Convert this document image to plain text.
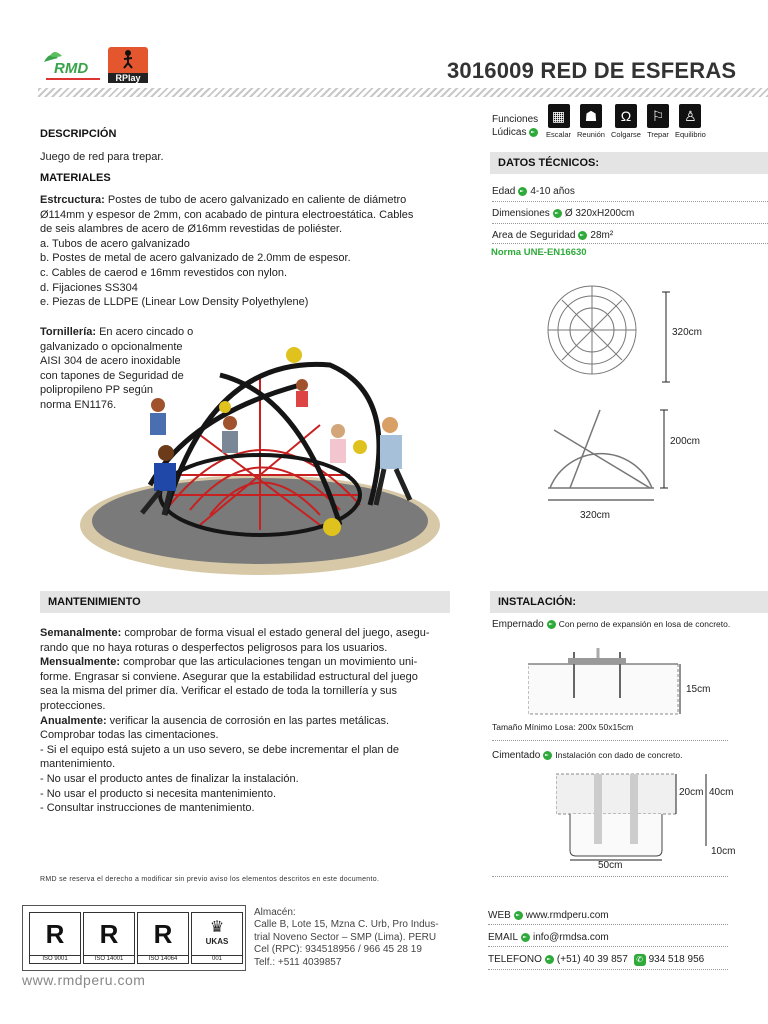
RMD
RPlay	3016009 RED DE ESFERAS
Funciones
Lúdicas
▦
Escalar
☗
Reunión
Ω
Colgarse
⚐
Trepar
♙
Equilibrio
DESCRIPCIÓN
Juego de red para trepar.
MATERIALES
Estrcuctura: Postes de tubo de acero galvanizado en caliente de diámetro
Ø114mm y espesor de 2mm, con acabado de pintura electroestática. Cables
de seis alambres de acero de Ø16mm revestidas de poliéster.
a. Tubos de acero galvanizado
b. Postes de metal de acero galvanizado de 2.0mm de espesor.
c. Cables de caerod e 16mm revestidos con nylon.
d. Fijaciones SS304
e. Piezas de LLDPE (Linear Low Density Polyethylene)
Tornillería: En acero cincado o
galvanizado o opcionalmente
AISI 304 de acero inoxidable
con tapones de Seguridad de
polipropileno PP según
norma EN1176.
DATOS TÉCNICOS:
Edad 4-10 años
Dimensiones Ø 320xH200cm
Area de Seguridad 28m²
Norma UNE-EN16630
320cm
200cm
320cm
MANTENIMIENTO
Semanalmente: comprobar de forma visual el estado general del juego, asegu-
rando que no haya roturas o desperfectos peligrosos para los usuarios.
Mensualmente: comprobar que las articulaciones tengan un movimiento uni-
forme. Engrasar si conviene. Asegurar que la estabilidad estructural del juego
sea la misma del primer día. Verificar el estado de toda la tornillería y sus
protecciones.
Anualmente: verificar la ausencia de corrosión en las partes metálicas.
Comprobar todas las cimentaciones.
- Si el equipo está sujeto a un uso severo, se debe incrementar el plan de
mantenimiento.
- No usar el producto antes de finalizar la instalación.
- No usar el producto si necesita mantenimiento.
- Consultar instrucciones de mantenimiento.
INSTALACIÓN:
Empernado Con perno de expansión en losa de concreto.
15cm
Tamaño Mínimo Losa: 200x 50x15cm
Cimentado Instalación con dado de concreto.
20cm 40cm
10cm
50cm
RMD se reserva el derecho a modificar sin previo aviso los elementos descritos en este documento.
R
ISO 9001
R
ISO 14001
R
ISO 14064
♛
UKAS
001
Almacén:
Calle B, Lote 15, Mzna C. Urb, Pro Indus-
trial Noveno Sector – SMP (Lima). PERU
Cel (RPC): 934518956 / 966 45 28 19
Telf.: +511 4039857
WEB www.rmdperu.com
EMAIL info@rmdsa.com
TELEFONO (+51) 40 39 857 ✆ 934 518 956
www.rmdperu.com
